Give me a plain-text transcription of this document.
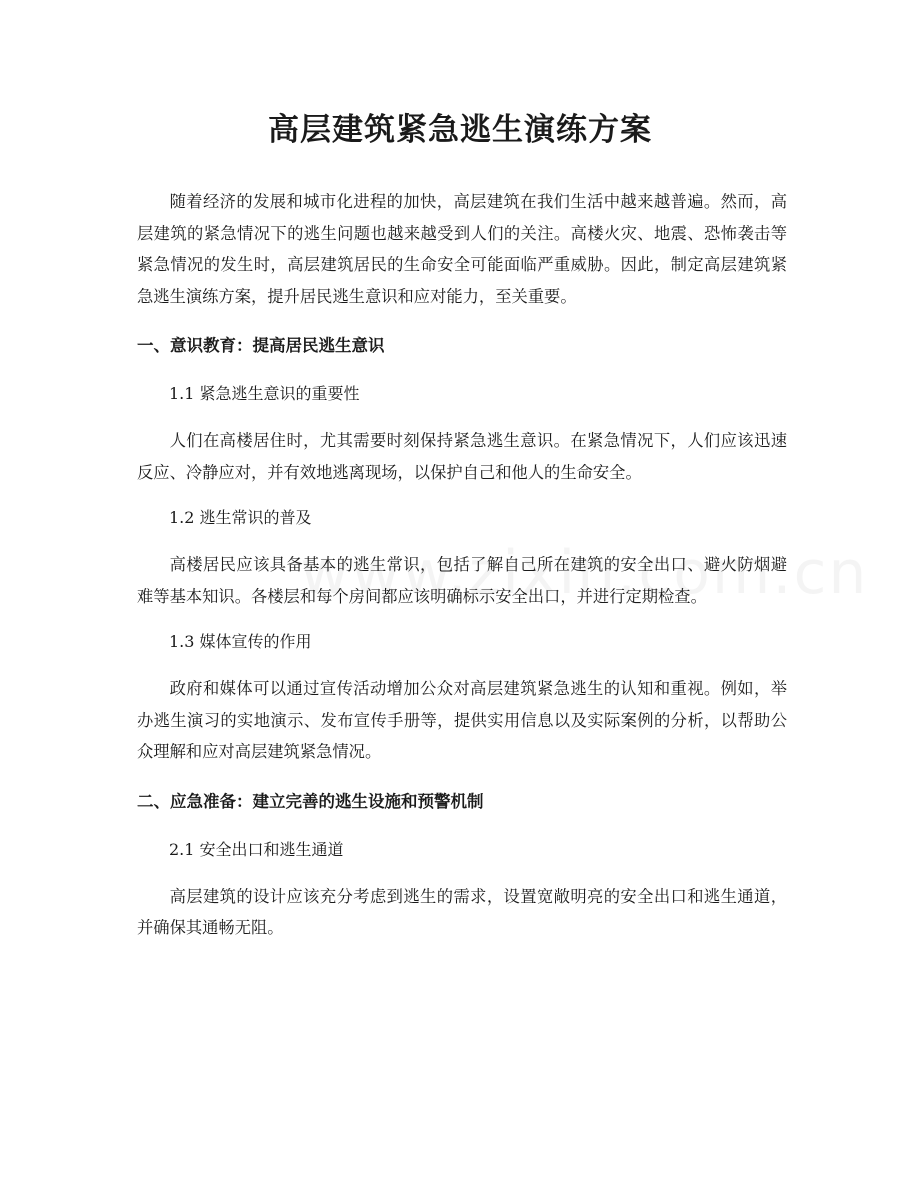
高层建筑紧急逃生演练方案

随着经济的发展和城市化进程的加快，高层建筑在我们生活中越来越普遍。然而，高层建筑的紧急情况下的逃生问题也越来越受到人们的关注。高楼火灾、地震、恐怖袭击等紧急情况的发生时，高层建筑居民的生命安全可能面临严重威胁。因此，制定高层建筑紧急逃生演练方案，提升居民逃生意识和应对能力，至关重要。

一、意识教育：提高居民逃生意识
1.1 紧急逃生意识的重要性

人们在高楼居住时，尤其需要时刻保持紧急逃生意识。在紧急情况下，人们应该迅速反应、冷静应对，并有效地逃离现场，以保护自己和他人的生命安全。

1.2 逃生常识的普及

高楼居民应该具备基本的逃生常识，包括了解自己所在建筑的安全出口、避火防烟避难等基本知识。各楼层和每个房间都应该明确标示安全出口，并进行定期检查。

1.3 媒体宣传的作用

政府和媒体可以通过宣传活动增加公众对高层建筑紧急逃生的认知和重视。例如，举办逃生演习的实地演示、发布宣传手册等，提供实用信息以及实际案例的分析，以帮助公众理解和应对高层建筑紧急情况。

二、应急准备：建立完善的逃生设施和预警机制
2.1 安全出口和逃生通道

高层建筑的设计应该充分考虑到逃生的需求，设置宽敞明亮的安全出口和逃生通道，并确保其通畅无阻。
